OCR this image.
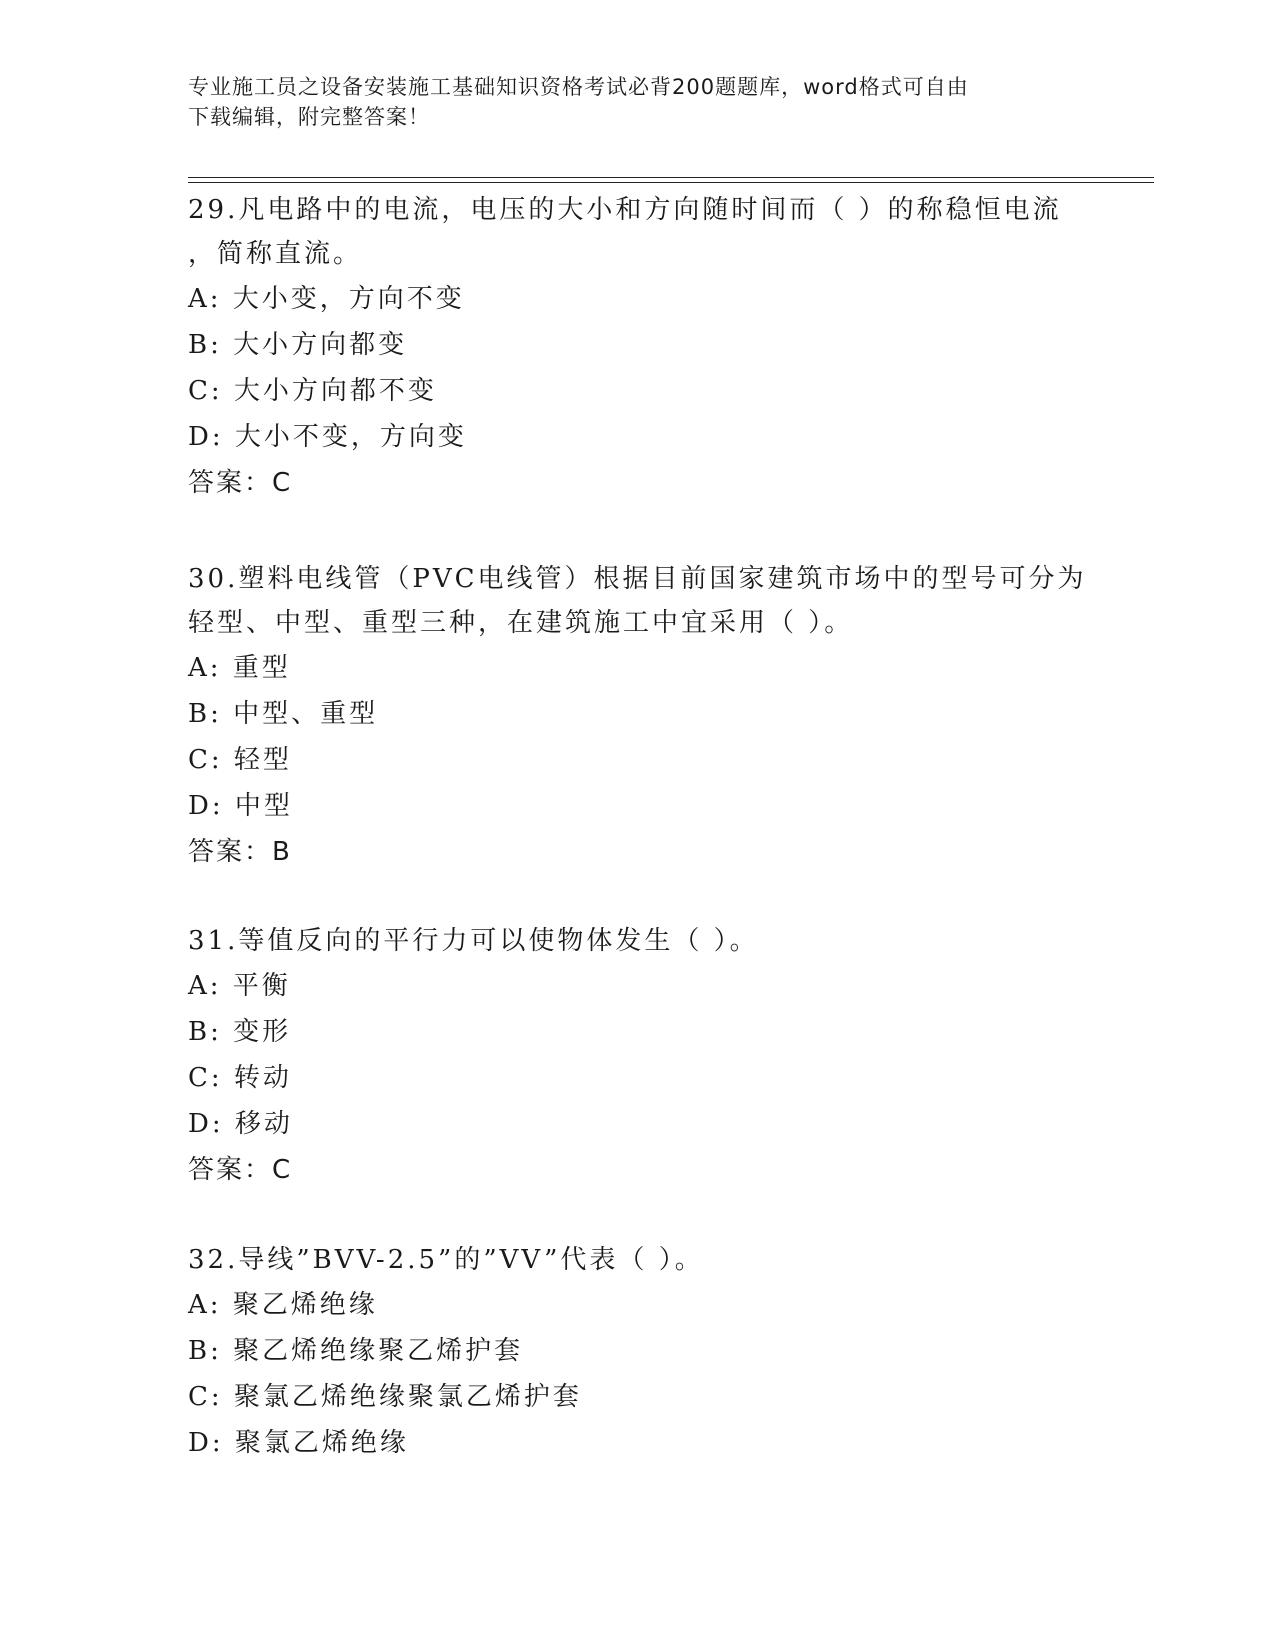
专业施工员之设备安装施工基础知识资格考试必背200题题库，word格式可自由
下载编辑，附完整答案！

29.凡电路中的电流，电压的大小和方向随时间而（ ）的称稳恒电流

，简称直流。

A: 大小变，方向不变

B: 大小方向都变

C: 大小方向都不变

D: 大小不变，方向变

答案：C

30.塑料电线管（PVC电线管）根据目前国家建筑市场中的型号可分为

轻型、中型、重型三种，在建筑施工中宜采用（ ）。

A: 重型

B: 中型、重型

C: 轻型

D: 中型

答案：B

31.等值反向的平行力可以使物体发生（ ）。

A: 平衡

B: 变形

C: 转动

D: 移动

答案：C

32.导线”BVV-2.5”的”VV”代表（ ）。

A: 聚乙烯绝缘

B: 聚乙烯绝缘聚乙烯护套

C: 聚氯乙烯绝缘聚氯乙烯护套

D: 聚氯乙烯绝缘
